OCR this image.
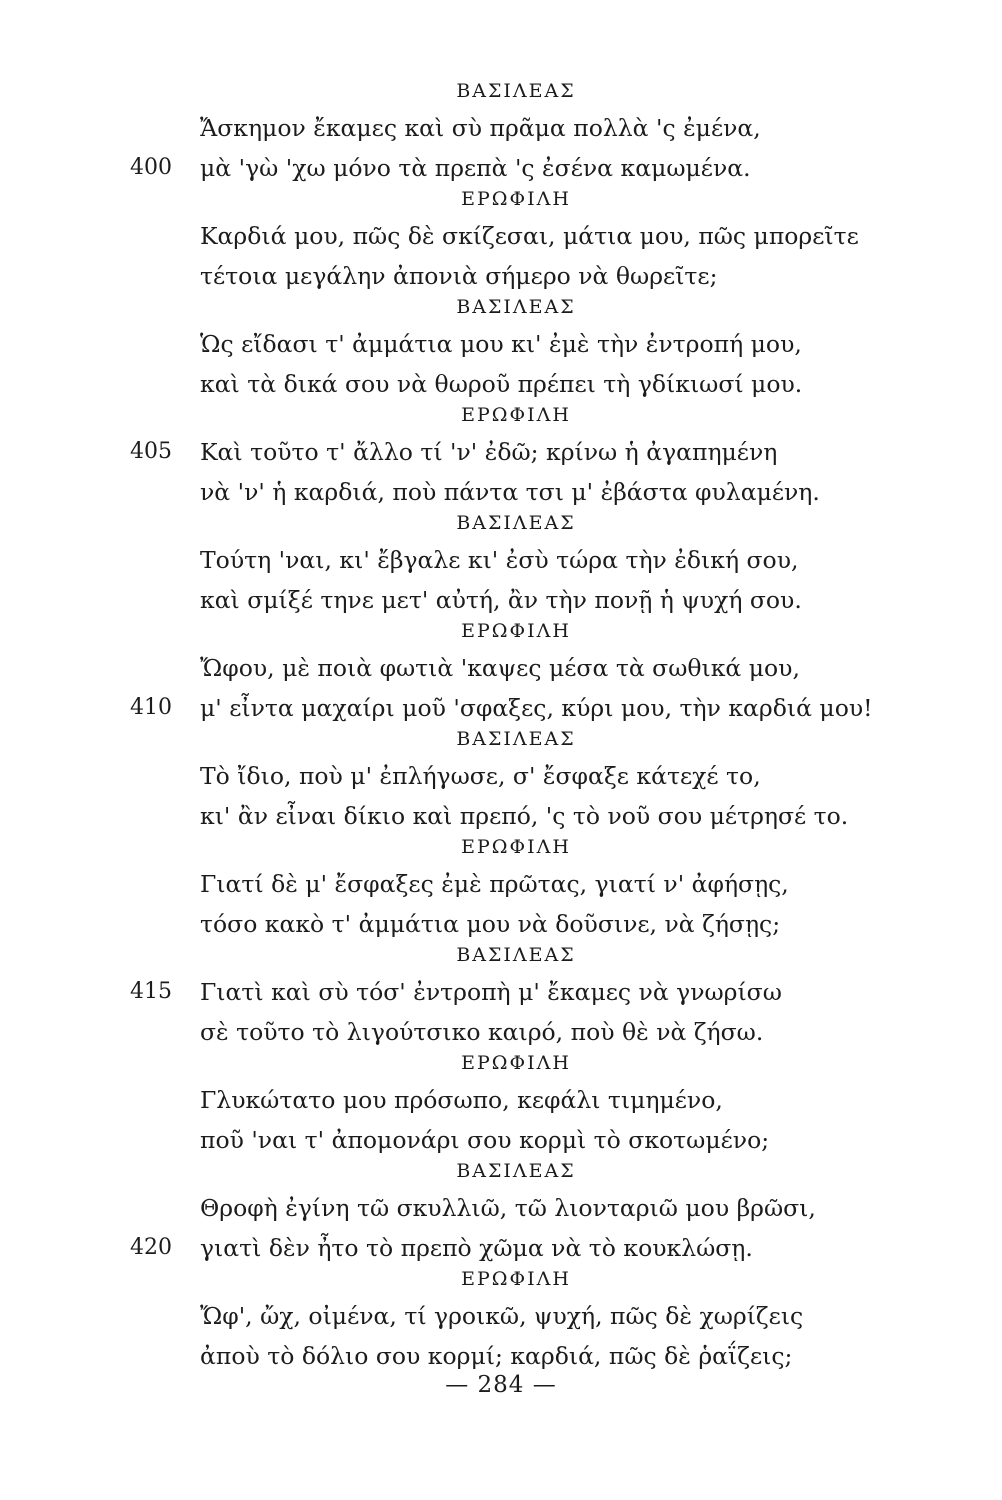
ΒΑΣΙΛΕΑΣ
Ἄσκημον ἔκαμες καὶ σὺ πρᾶμα πολλὰ 'ς ἐμένα,
400 μὰ 'γὼ 'χω μόνο τὰ πρεπὰ 'ς ἐσένα καμωμένα.
ΕΡΩΦΙΛΗ
Καρδιά μου, πῶς δὲ σκίζεσαι, μάτια μου, πῶς μπορεῖτε
τέτοια μεγάλην ἀπονιὰ σήμερο νὰ θωρεῖτε;
ΒΑΣΙΛΕΑΣ
Ὡς εἴδασι τ' ἀμμάτια μου κι' ἐμὲ τὴν ἐντροπή μου,
καὶ τὰ δικά σου νὰ θωροῦ πρέπει τὴ γδίκιωσί μου.
ΕΡΩΦΙΛΗ
405 Καὶ τοῦτο τ' ἄλλο τί 'ν' ἐδῶ; κρίνω ἡ ἀγαπημένη
νὰ 'ν' ἡ καρδιά, ποὺ πάντα τσι μ' ἐβάστα φυλαμένη.
ΒΑΣΙΛΕΑΣ
Τούτη 'ναι, κι' ἔβγαλε κι' ἐσὺ τώρα τὴν ἐδική σου,
καὶ σμίξέ τηνε μετ' αὐτή, ἂν τὴν πονῇ ἡ ψυχή σου.
ΕΡΩΦΙΛΗ
Ὤφου, μὲ ποιὰ φωτιὰ 'καψες μέσα τὰ σωθικά μου,
410 μ' εἶντα μαχαίρι μοῦ 'σφαξες, κύρι μου, τὴν καρδιά μου!
ΒΑΣΙΛΕΑΣ
Τὸ ἴδιο, ποὺ μ' ἐπλήγωσε, σ' ἔσφαξε κάτεχέ το,
κι' ἂν εἶναι δίκιο καὶ πρεπό, 'ς τὸ νοῦ σου μέτρησέ το.
ΕΡΩΦΙΛΗ
Γιατί δὲ μ' ἔσφαξες ἐμὲ πρῶτας, γιατί ν' ἀφήσῃς,
τόσο κακὸ τ' ἀμμάτια μου νὰ δοῦσινε, νὰ ζήσῃς;
ΒΑΣΙΛΕΑΣ
415 Γιατὶ καὶ σὺ τόσ' ἐντροπὴ μ' ἔκαμες νὰ γνωρίσω
σὲ τοῦτο τὸ λιγούτσικο καιρό, ποὺ θὲ νὰ ζήσω.
ΕΡΩΦΙΛΗ
Γλυκώτατο μου πρόσωπο, κεφάλι τιμημένο,
ποῦ 'ναι τ' ἀπομονάρι σου κορμὶ τὸ σκοτωμένο;
ΒΑΣΙΛΕΑΣ
Θροφὴ ἐγίνη τῶ σκυλλιῶ, τῶ λιονταριῶ μου βρῶσι,
420 γιατὶ δὲν ἦτο τὸ πρεπὸ χῶμα νὰ τὸ κουκλώσῃ.
ΕΡΩΦΙΛΗ
Ὤφ', ὤχ, οἰμένα, τί γροικῶ, ψυχή, πῶς δὲ χωρίζεις
ἀποὺ τὸ δόλιο σου κορμί; καρδιά, πῶς δὲ ῥαΐζεις;
— 284 —
